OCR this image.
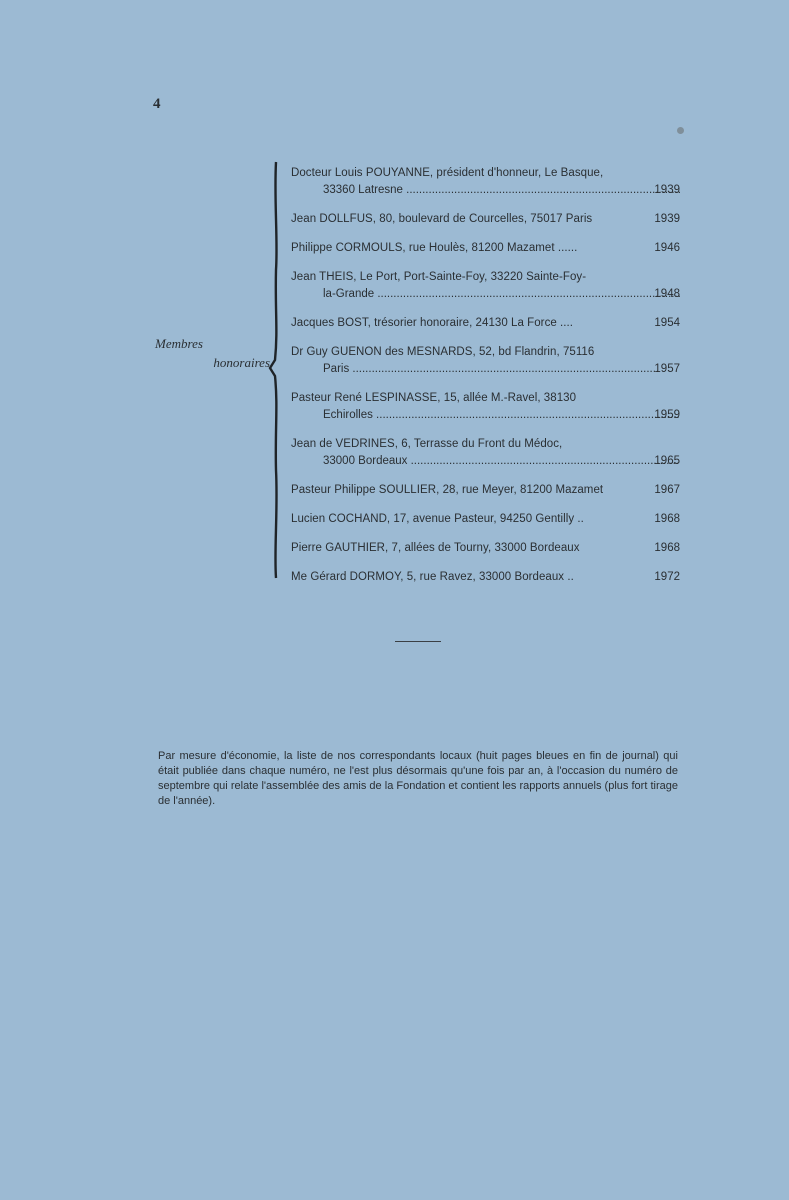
4
Membres
honoraires
Docteur Louis POUYANNE, président d'honneur, Le Basque,
33360 Latresne .....	1939
Jean DOLLFUS, 80, boulevard de Courcelles, 75017 Paris	1939
Philippe CORMOULS, rue Houlès, 81200 Mazamet ......	1946
Jean THEIS, Le Port, Port-Sainte-Foy, 33220 Sainte-Foy-
la-Grande .....	1948
Jacques BOST, trésorier honoraire, 24130 La Force ....	1954
Dr Guy GUENON des MESNARDS, 52, bd Flandrin, 75116
Paris .....	1957
Pasteur René LESPINASSE, 15, allée M.-Ravel, 38130
Echirolles .....	1959
Jean de VEDRINES, 6, Terrasse du Front du Médoc,
33000 Bordeaux .....	1965
Pasteur Philippe SOULLIER, 28, rue Meyer, 81200 Mazamet	1967
Lucien COCHAND, 17, avenue Pasteur, 94250 Gentilly ..	1968
Pierre GAUTHIER, 7, allées de Tourny, 33000 Bordeaux	1968
Me Gérard DORMOY, 5, rue Ravez, 33000 Bordeaux ..	1972

Par mesure d'économie, la liste de nos correspondants locaux (huit pages bleues en fin de journal) qui était publiée dans chaque numéro, ne l'est plus désormais qu'une fois par an, à l'occasion du numéro de septembre qui relate l'assemblée des amis de la Fondation et contient les rapports annuels (plus fort tirage de l'année).
